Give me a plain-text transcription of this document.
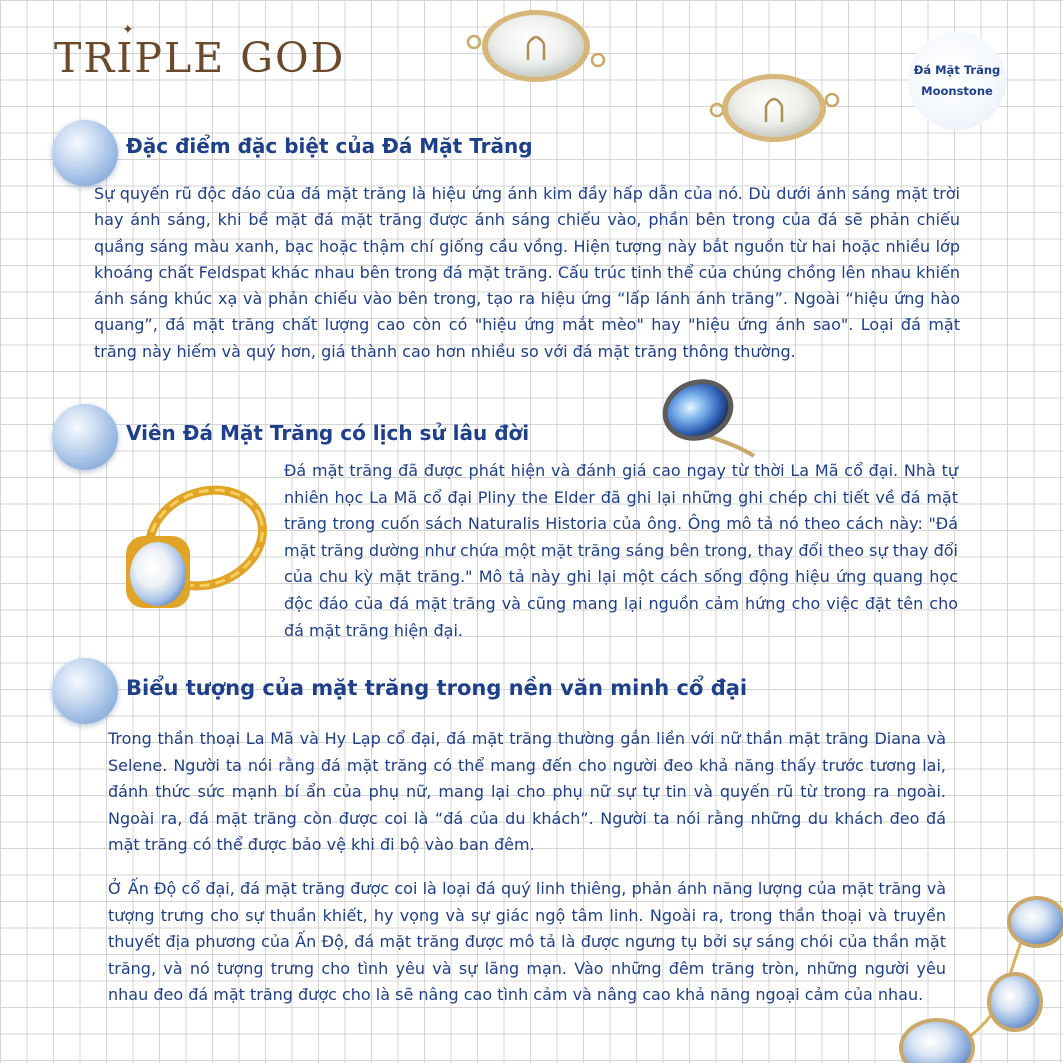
TRIPLE GOD
✦
Đá Mặt Trăng
Moonstone
Đặc điểm đặc biệt của Đá Mặt Trăng
Sự quyến rũ độc đáo của đá mặt trăng là hiệu ứng ánh kim đầy hấp dẫn của nó. Dù dưới ánh sáng mặt trời hay ánh sáng, khi bề mặt đá mặt trăng được ánh sáng chiếu vào, phần bên trong của đá sẽ phản chiếu quầng sáng màu xanh, bạc hoặc thậm chí giống cầu vồng. Hiện tượng này bắt nguồn từ hai hoặc nhiều lớp khoáng chất Feldspat khác nhau bên trong đá mặt trăng. Cấu trúc tinh thể của chúng chồng lên nhau khiến ánh sáng khúc xạ và phản chiếu vào bên trong, tạo ra hiệu ứng “lấp lánh ánh trăng”. Ngoài “hiệu ứng hào quang”, đá mặt trăng chất lượng cao còn có "hiệu ứng mắt mèo" hay "hiệu ứng ánh sao". Loại đá mặt trăng này hiếm và quý hơn, giá thành cao hơn nhiều so với đá mặt trăng thông thường.
Viên Đá Mặt Trăng có lịch sử lâu đời
Đá mặt trăng đã được phát hiện và đánh giá cao ngay từ thời La Mã cổ đại. Nhà tự nhiên học La Mã cổ đại Pliny the Elder đã ghi lại những ghi chép chi tiết về đá mặt trăng trong cuốn sách Naturalis Historia của ông. Ông mô tả nó theo cách này: "Đá mặt trăng dường như chứa một mặt trăng sáng bên trong, thay đổi theo sự thay đổi của chu kỳ mặt trăng." Mô tả này ghi lại một cách sống động hiệu ứng quang học độc đáo của đá mặt trăng và cũng mang lại nguồn cảm hứng cho việc đặt tên cho đá mặt trăng hiện đại.
Biểu tượng của mặt trăng trong nền văn minh cổ đại
Trong thần thoại La Mã và Hy Lạp cổ đại, đá mặt trăng thường gắn liền với nữ thần mặt trăng Diana và Selene. Người ta nói rằng đá mặt trăng có thể mang đến cho người đeo khả năng thấy trước tương lai, đánh thức sức mạnh bí ẩn của phụ nữ, mang lại cho phụ nữ sự tự tin và quyến rũ từ trong ra ngoài. Ngoài ra, đá mặt trăng còn được coi là “đá của du khách”. Người ta nói rằng những du khách đeo đá mặt trăng có thể được bảo vệ khi đi bộ vào ban đêm.
Ở Ấn Độ cổ đại, đá mặt trăng được coi là loại đá quý linh thiêng, phản ánh năng lượng của mặt trăng và tượng trưng cho sự thuần khiết, hy vọng và sự giác ngộ tâm linh. Ngoài ra, trong thần thoại và truyền thuyết địa phương của Ấn Độ, đá mặt trăng được mô tả là được ngưng tụ bởi sự sáng chói của thần mặt trăng, và nó tượng trưng cho tình yêu và sự lãng mạn. Vào những đêm trăng tròn, những người yêu nhau đeo đá mặt trăng được cho là sẽ nâng cao tình cảm và nâng cao khả năng ngoại cảm của nhau.
